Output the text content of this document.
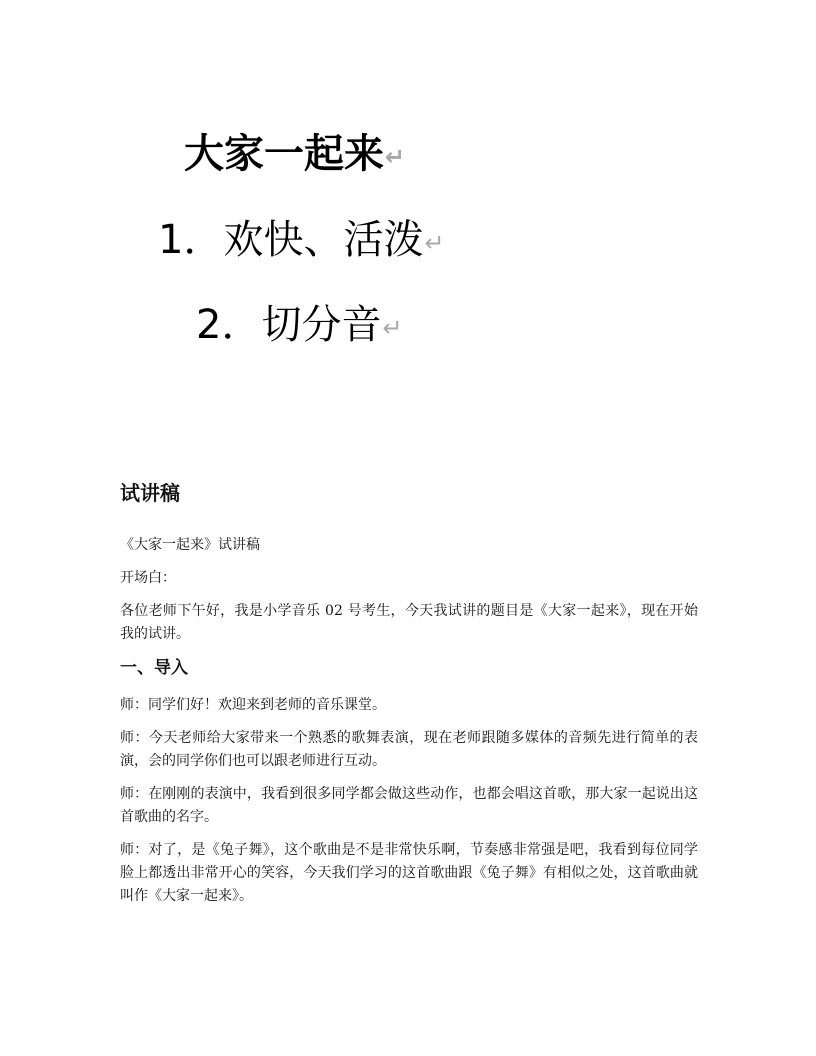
大家一起来↵
1．欢快、活泼↵
2．切分音↵
试讲稿

《大家一起来》试讲稿

开场白：

各位老师下午好，我是小学音乐 02 号考生，今天我试讲的题目是《大家一起来》，现在开始我的试讲。

一、导入

师：同学们好！欢迎来到老师的音乐课堂。

师：今天老师给大家带来一个熟悉的歌舞表演，现在老师跟随多媒体的音频先进行简单的表演，会的同学你们也可以跟老师进行互动。

师：在刚刚的表演中，我看到很多同学都会做这些动作，也都会唱这首歌，那大家一起说出这首歌曲的名字。

师：对了，是《兔子舞》，这个歌曲是不是非常快乐啊，节奏感非常强是吧，我看到每位同学脸上都透出非常开心的笑容，今天我们学习的这首歌曲跟《兔子舞》有相似之处，这首歌曲就叫作《大家一起来》。
